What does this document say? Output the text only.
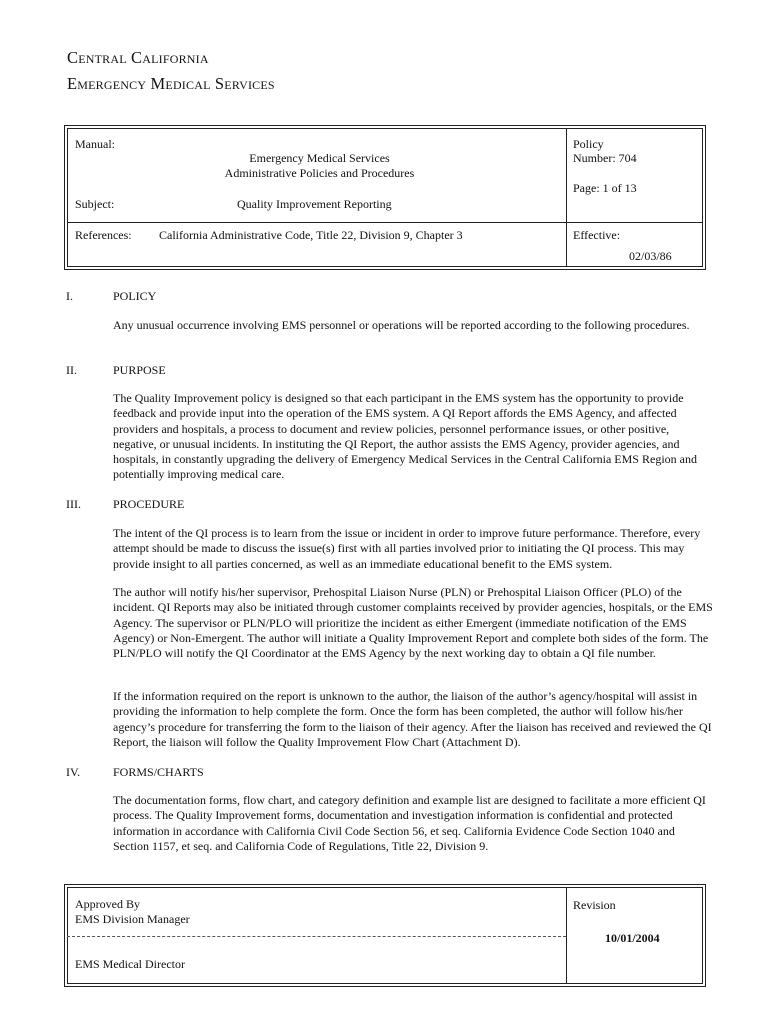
Central California
Emergency Medical Services
Manual:
Emergency Medical Services
Administrative Policies and Procedures
Subject:	Quality Improvement Reporting
References: California Administrative Code, Title 22, Division 9, Chapter 3
Policy
Number: 704
Page: 1 of 13
Effective:
02/03/86
I.	POLICY
Any unusual occurrence involving EMS personnel or operations will be reported according to the following procedures.
II.	PURPOSE
The Quality Improvement policy is designed so that each participant in the EMS system has the opportunity to provide feedback and provide input into the operation of the EMS system. A QI Report affords the EMS Agency, and affected providers and hospitals, a process to document and review policies, personnel performance issues, or other positive, negative, or unusual incidents. In instituting the QI Report, the author assists the EMS Agency, provider agencies, and hospitals, in constantly upgrading the delivery of Emergency Medical Services in the Central California EMS Region and potentially improving medical care.
III.	PROCEDURE
The intent of the QI process is to learn from the issue or incident in order to improve future performance. Therefore, every attempt should be made to discuss the issue(s) first with all parties involved prior to initiating the QI process. This may provide insight to all parties concerned, as well as an immediate educational benefit to the EMS system.
The author will notify his/her supervisor, Prehospital Liaison Nurse (PLN) or Prehospital Liaison Officer (PLO) of the incident. QI Reports may also be initiated through customer complaints received by provider agencies, hospitals, or the EMS Agency. The supervisor or PLN/PLO will prioritize the incident as either Emergent (immediate notification of the EMS Agency) or Non-Emergent. The author will initiate a Quality Improvement Report and complete both sides of the form. The PLN/PLO will notify the QI Coordinator at the EMS Agency by the next working day to obtain a QI file number.
If the information required on the report is unknown to the author, the liaison of the author’s agency/hospital will assist in providing the information to help complete the form. Once the form has been completed, the author will follow his/her agency’s procedure for transferring the form to the liaison of their agency. After the liaison has received and reviewed the QI Report, the liaison will follow the Quality Improvement Flow Chart (Attachment D).
IV.	FORMS/CHARTS
The documentation forms, flow chart, and category definition and example list are designed to facilitate a more efficient QI process. The Quality Improvement forms, documentation and investigation information is confidential and protected information in accordance with California Civil Code Section 56, et seq. California Evidence Code Section 1040 and Section 1157, et seq. and California Code of Regulations, Title 22, Division 9.
Approved By
EMS Division Manager
EMS Medical Director
Revision
10/01/2004
